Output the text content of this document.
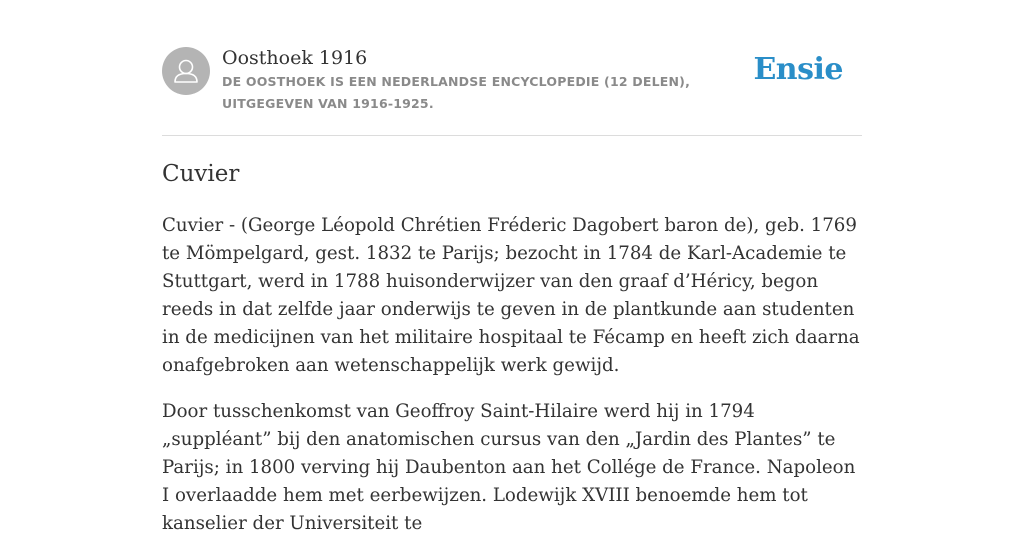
Oosthoek 1916

DE OOSTHOEK IS EEN NEDERLANDSE ENCYCLOPEDIE (12 DELEN), UITGEGEVEN VAN 1916-1925.

Ensie
Cuvier

Cuvier - (George Léopold Chrétien Fréderic Dagobert baron de), geb. 1769 te Mömpelgard, gest. 1832 te Parijs; bezocht in 1784 de Karl-Academie te Stuttgart, werd in 1788 huisonderwijzer van den graaf d’Héricy, begon reeds in dat zelfde jaar onderwijs te geven in de plantkunde aan studenten in de medicijnen van het militaire hospitaal te Fécamp en heeft zich daarna onafgebroken aan wetenschappelijk werk gewijd.

Door tusschenkomst van Geoffroy Saint-Hilaire werd hij in 1794 „suppléant” bij den anatomischen cursus van den „Jardin des Plantes” te Parijs; in 1800 verving hij Daubenton aan het Collége de France. Napoleon I overlaadde hem met eerbewijzen. Lodewijk XVIII benoemde hem tot kanselier der Universiteit te
